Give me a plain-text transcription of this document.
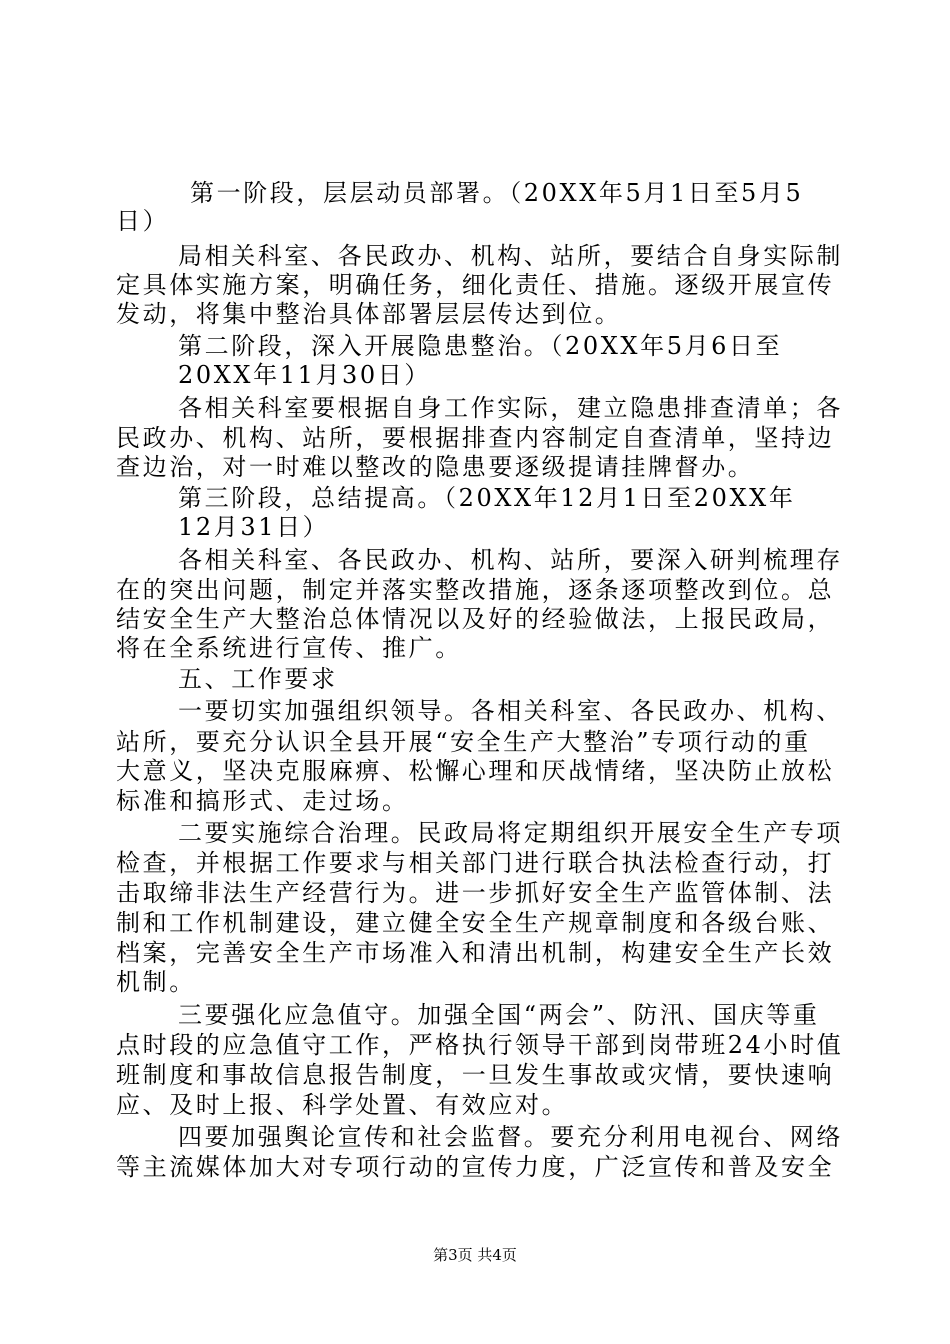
第一阶段，层层动员部署。（20XX年5月1日至5月5
日）
局相关科室、各民政办、机构、站所，要结合自身实际制
定具体实施方案，明确任务，细化责任、措施。逐级开展宣传
发动，将集中整治具体部署层层传达到位。
第二阶段，深入开展隐患整治。（20XX年5月6日至
20XX年11月30日）
各相关科室要根据自身工作实际，建立隐患排查清单；各
民政办、机构、站所，要根据排查内容制定自查清单，坚持边
查边治，对一时难以整改的隐患要逐级提请挂牌督办。
第三阶段，总结提高。（20XX年12月1日至20XX年
12月31日）
各相关科室、各民政办、机构、站所，要深入研判梳理存
在的突出问题，制定并落实整改措施，逐条逐项整改到位。总
结安全生产大整治总体情况以及好的经验做法，上报民政局，
将在全系统进行宣传、推广。
五、工作要求
一要切实加强组织领导。各相关科室、各民政办、机构、
站所，要充分认识全县开展“安全生产大整治”专项行动的重
大意义，坚决克服麻痹、松懈心理和厌战情绪，坚决防止放松
标准和搞形式、走过场。
二要实施综合治理。民政局将定期组织开展安全生产专项
检查，并根据工作要求与相关部门进行联合执法检查行动，打
击取缔非法生产经营行为。进一步抓好安全生产监管体制、法
制和工作机制建设，建立健全安全生产规章制度和各级台账、
档案，完善安全生产市场准入和清出机制，构建安全生产长效
机制。
三要强化应急值守。加强全国“两会”、防汛、国庆等重
点时段的应急值守工作，严格执行领导干部到岗带班24小时值
班制度和事故信息报告制度，一旦发生事故或灾情，要快速响
应、及时上报、科学处置、有效应对。
四要加强舆论宣传和社会监督。要充分利用电视台、网络
等主流媒体加大对专项行动的宣传力度，广泛宣传和普及安全
第3页 共4页
